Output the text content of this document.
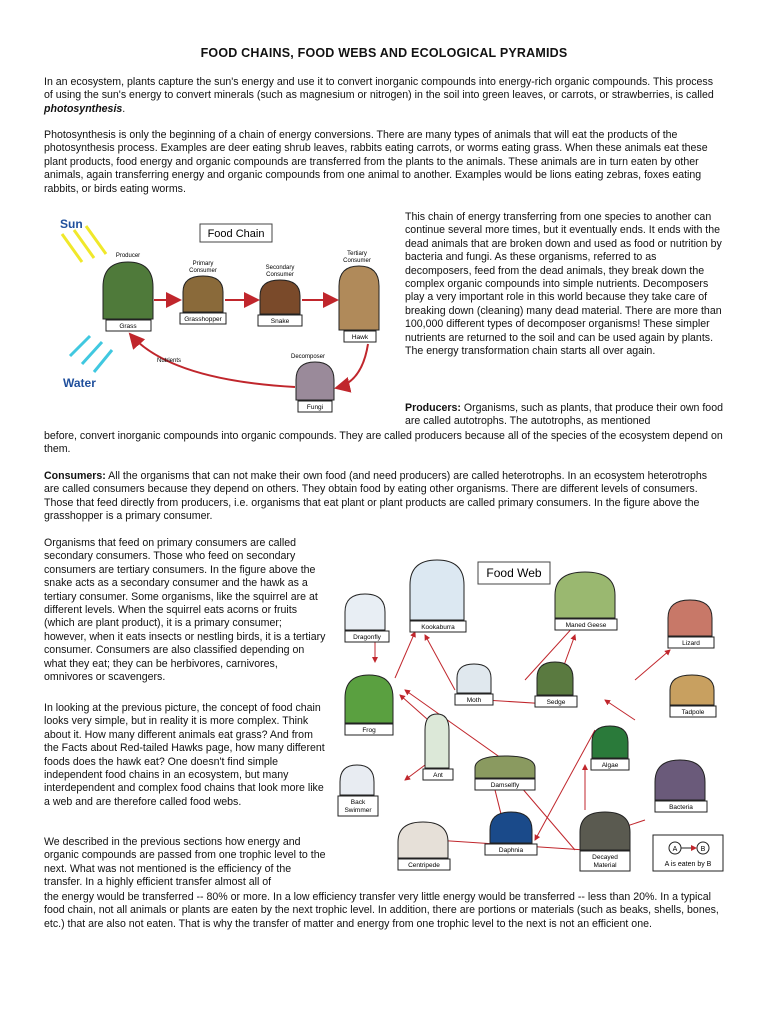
FOOD CHAINS, FOOD WEBS AND ECOLOGICAL PYRAMIDS

In an ecosystem, plants capture the sun's energy and use it to convert inorganic compounds into energy-rich organic compounds. This process of using the sun's energy to convert minerals (such as magnesium or nitrogen) in the soil into green leaves, or carrots, or strawberries, is called photosynthesis.

Photosynthesis is only the beginning of a chain of energy conversions. There are many types of animals that will eat the products of the photosynthesis process. Examples are deer eating shrub leaves, rabbits eating carrots, or worms eating grass. When these animals eat these plant products, food energy and organic compounds are transferred from the plants to the animals. These animals are in turn eaten by other animals, again transferring energy and organic compounds from one animal to another. Examples would be lions eating zebras, foxes eating rabbits, or birds eating worms.

Sun
Water
Food Chain
Producer
Grass
Primary
Consumer
Grasshopper
Secondary
Consumer
Snake
Tertiary
Consumer
Hawk
Decomposer
Fungi
Nutrients

This chain of energy transferring from one species to another can continue several more times, but it eventually ends. It ends with the dead animals that are broken down and used as food or nutrition by bacteria and fungi. As these organisms, referred to as decomposers, feed from the dead animals, they break down the complex organic compounds into simple nutrients. Decomposers play a very important role in this world because they take care of breaking down (cleaning) many dead material. There are more than 100,000 different types of decomposer organisms! These simpler nutrients are returned to the soil and can be used again by plants. The energy transformation chain starts all over again.

Producers: Organisms, such as plants, that produce their own food are called autotrophs. The autotrophs, as mentioned

before, convert inorganic compounds into organic compounds. They are called producers because all of the species of the ecosystem depend on them.

Consumers: All the organisms that can not make their own food (and need producers) are called heterotrophs. In an ecosystem heterotrophs are called consumers because they depend on others. They obtain food by eating other organisms. There are different levels of consumers. Those that feed directly from producers, i.e. organisms that eat plant or plant products are called primary consumers. In the figure above the grasshopper is a primary consumer.

Organisms that feed on primary consumers are called secondary consumers. Those who feed on secondary consumers are tertiary consumers. In the figure above the snake acts as a secondary consumer and the hawk as a tertiary consumer. Some organisms, like the squirrel are at different levels. When the squirrel eats acorns or fruits (which are plant product), it is a primary consumer; however, when it eats insects or nestling birds, it is a tertiary consumer. Consumers are also classified depending on what they eat; they can be herbivores, carnivores, omnivores or scavengers.

In looking at the previous picture, the concept of food chain looks very simple, but in reality it is more complex. Think about it. How many different animals eat grass? And from the Facts about Red-tailed Hawks page, how many different foods does the hawk eat? One doesn't find simple independent food chains in an ecosystem, but many interdependent and complex food chains that look more like a web and are therefore called food webs.

We described in the previous sections how energy and organic compounds are passed from one trophic level to the next. What was not mentioned is the efficiency of the transfer. In a highly efficient transfer almost all of

the energy would be transferred -- 80% or more. In a low efficiency transfer very little energy would be transferred -- less than 20%. In a typical food chain, not all animals or plants are eaten by the next trophic level. In addition, there are portions or materials (such as beaks, shells, bones, etc.) that are also not eaten. That is why the transfer of matter and energy from one trophic level to the next is not an efficient one.

Food Web
Dragonfly
Kookaburra	Maned Geese
Lizard
Moth	Sedge
Frog
Tadpole
Ant
Algae
Damselfly
Back
Swimmer	Bacteria
Daphnia
Decayed
Material
Centripede
A	B
A is eaten by B
